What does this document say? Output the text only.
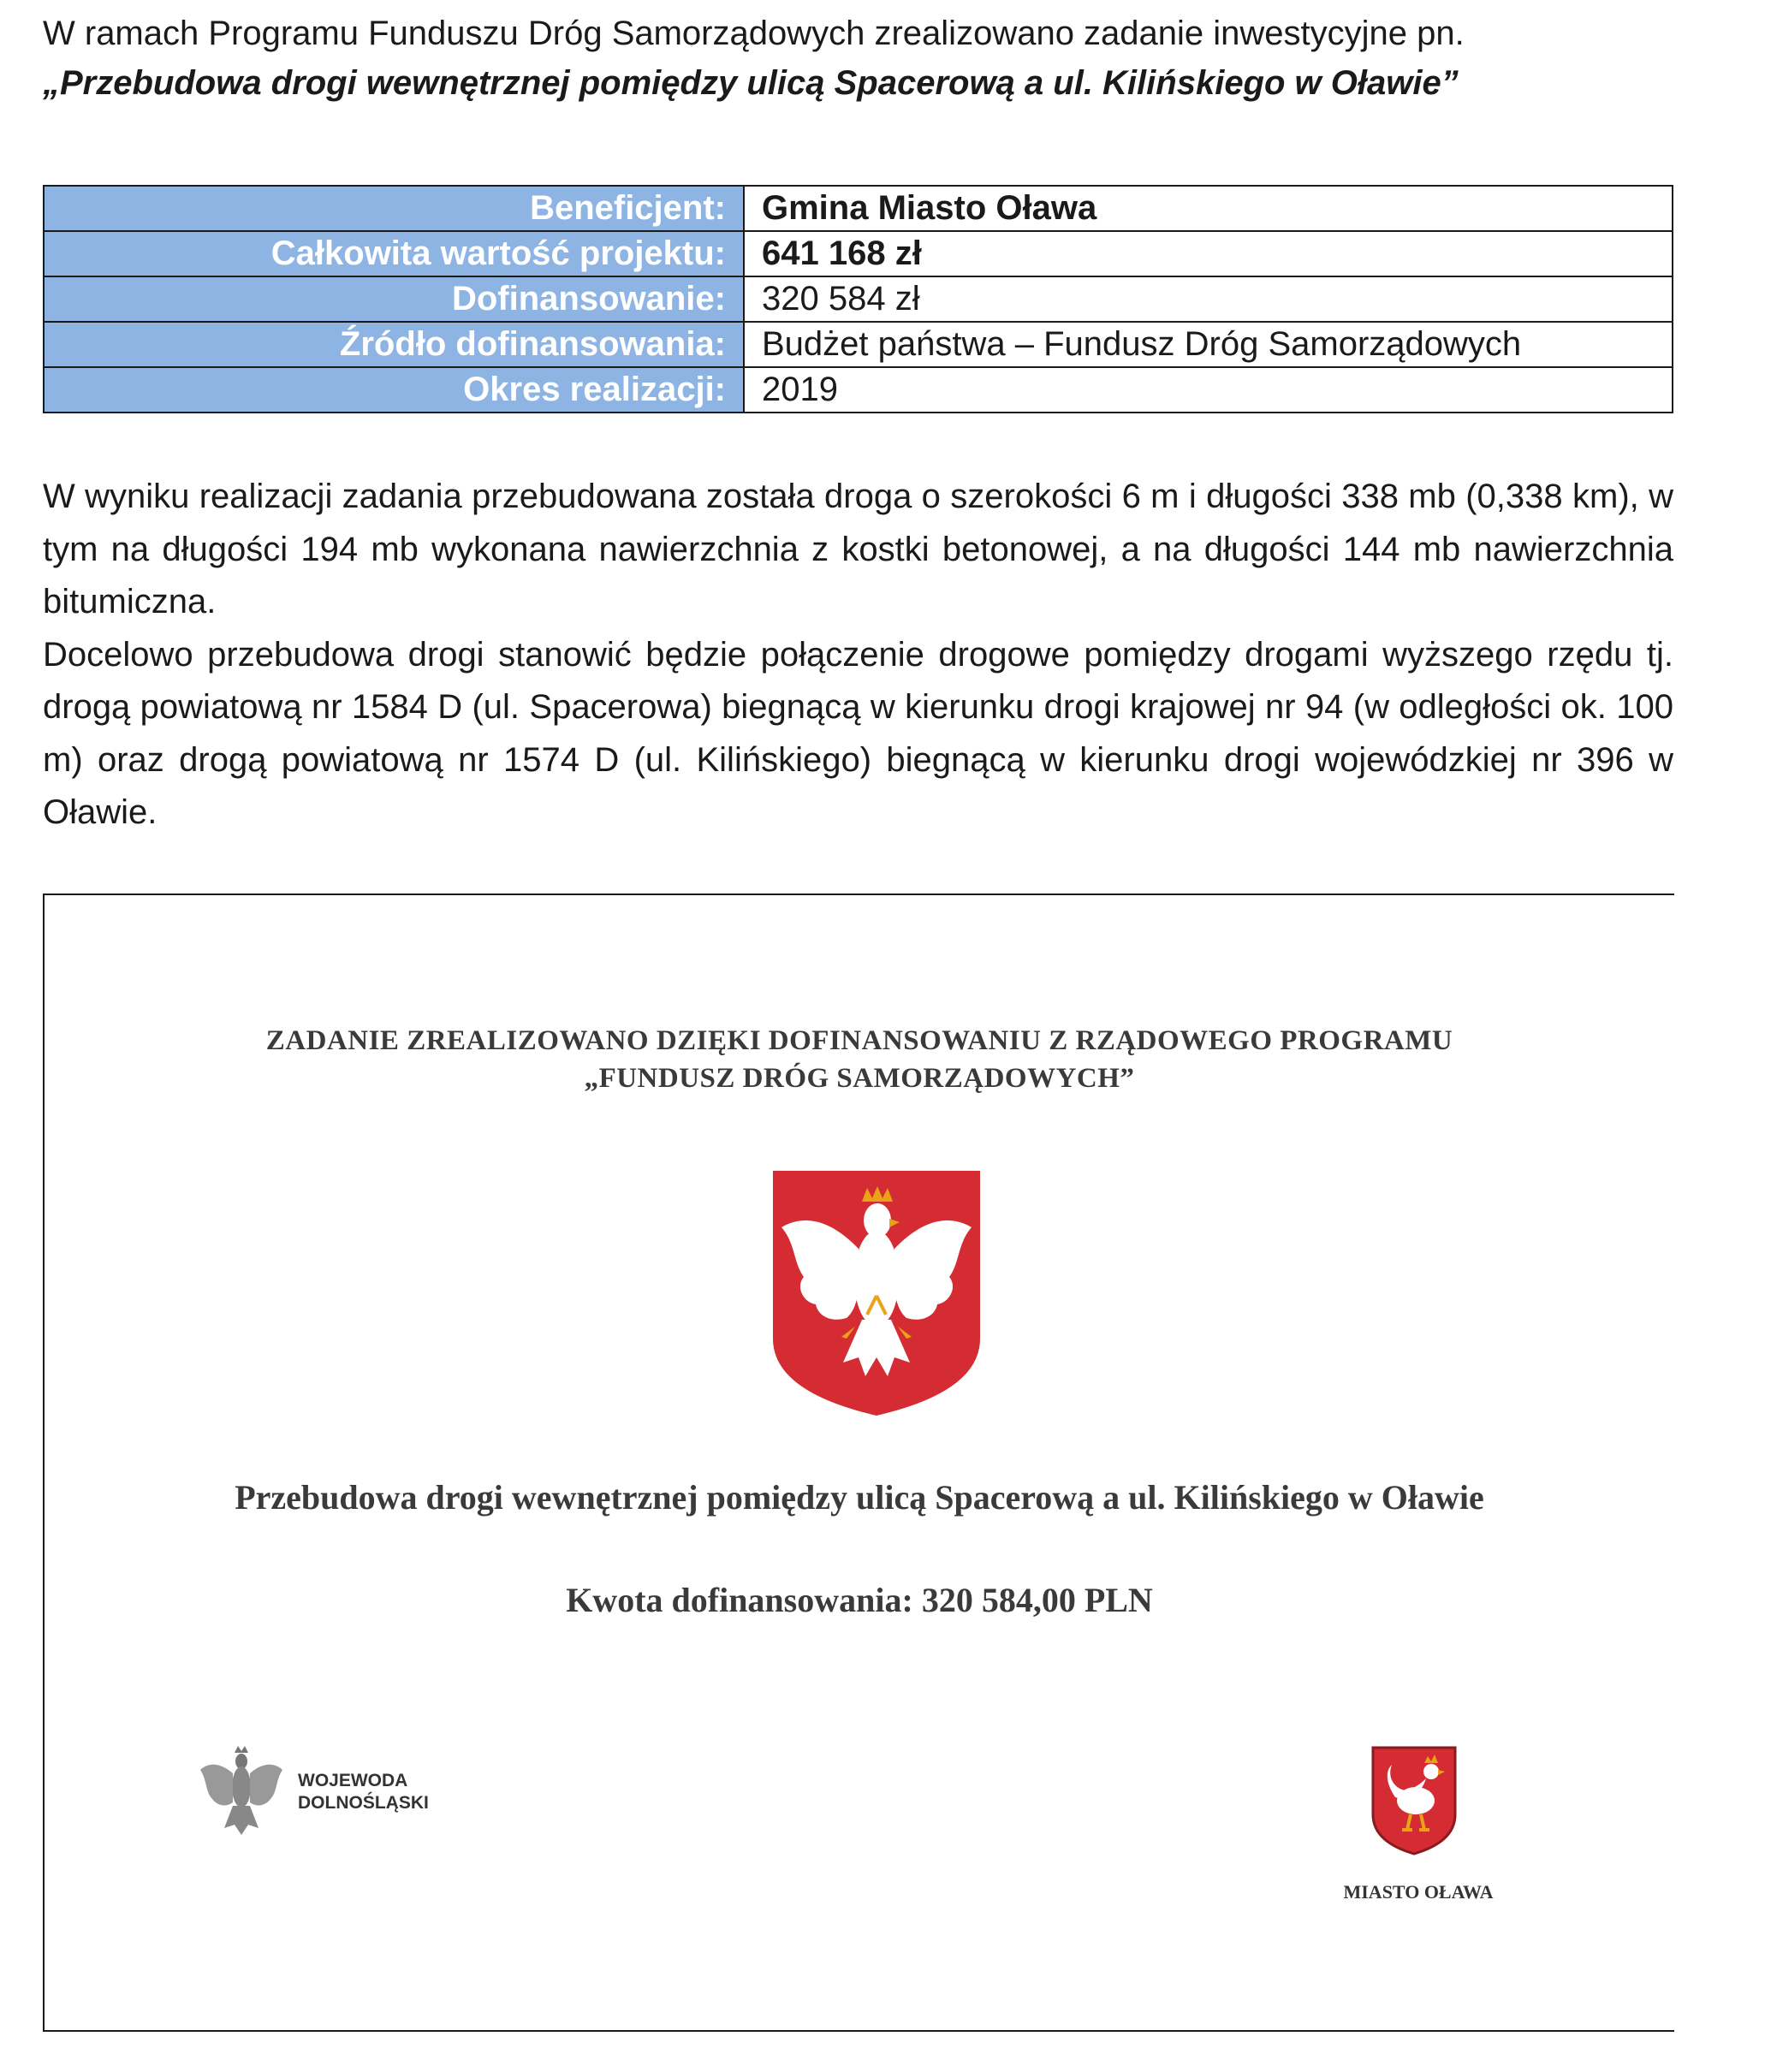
W ramach Programu Funduszu Dróg Samorządowych zrealizowano zadanie inwestycyjne pn.
„Przebudowa drogi wewnętrznej pomiędzy ulicą Spacerową a ul. Kilińskiego w Oławie”
Beneficjent:	Gmina Miasto Oława
Całkowita wartość projektu:	641 168 zł
Dofinansowanie:	320 584 zł
Źródło dofinansowania:	Budżet państwa – Fundusz Dróg Samorządowych
Okres realizacji:	2019

W wyniku realizacji zadania przebudowana została droga o szerokości 6 m i długości 338 mb (0,338 km), w tym na długości 194 mb wykonana nawierzchnia z kostki betonowej, a na długości 144 mb nawierzchnia bitumiczna.

Docelowo przebudowa drogi stanowić będzie połączenie drogowe pomiędzy drogami wyższego rzędu tj. drogą powiatową nr 1584 D (ul. Spacerowa) biegnącą w kierunku drogi krajowej nr 94 (w odległości ok. 100 m) oraz drogą powiatową nr 1574 D (ul. Kilińskiego) biegnącą w kierunku drogi wojewódzkiej nr 396 w Oławie.

ZADANIE ZREALIZOWANO DZIĘKI DOFINANSOWANIU Z RZĄDOWEGO PROGRAMU
„FUNDUSZ DRÓG SAMORZĄDOWYCH”
Przebudowa drogi wewnętrznej pomiędzy ulicą Spacerową a ul. Kilińskiego w Oławie
Kwota dofinansowania: 320 584,00 PLN
WOJEWODA
DOLNOŚLĄSKI
MIASTO OŁAWA
